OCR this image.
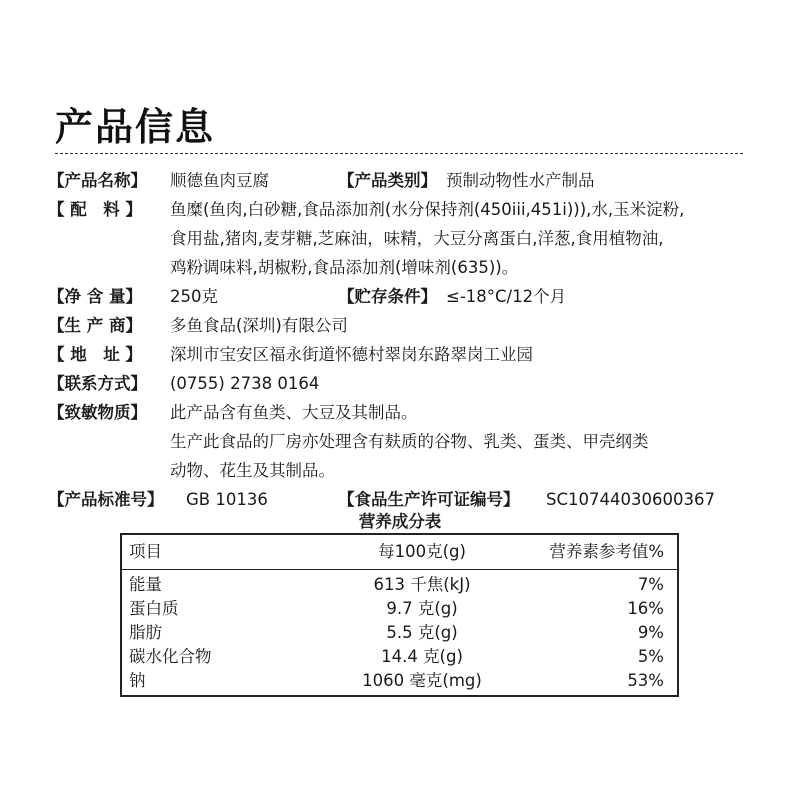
产品信息
【产品名称】 顺德鱼肉豆腐	【产品类别】 预制动物性水产制品
【 配　料 】 鱼糜(鱼肉,白砂糖,食品添加剂(水分保持剂(450iii,451i))),水,玉米淀粉,
食用盐,猪肉,麦芽糖,芝麻油，味精，大豆分离蛋白,洋葱,食用植物油,
鸡粉调味料,胡椒粉,食品添加剂(增味剂(635))。
【净 含 量】 250克	【贮存条件】 ≤-18°C/12个月
【生 产 商】 多鱼食品(深圳)有限公司
【 地　址 】 深圳市宝安区福永街道怀德村翠岗东路翠岗工业园
【联系方式】 (0755) 2738 0164
【致敏物质】 此产品含有鱼类、大豆及其制品。
生产此食品的厂房亦处理含有麸质的谷物、乳类、蛋类、甲壳纲类
动物、花生及其制品。
【产品标准号】 GB 10136	【食品生产许可证编号】 SC10744030600367
营养成分表
项目	每100克(g)	营养素参考值%
能量	613 千焦(kJ)	7%
蛋白质	9.7 克(g)	16%
脂肪	5.5 克(g)	9%
碳水化合物	14.4 克(g)	5%
钠	1060 毫克(mg)	53%
